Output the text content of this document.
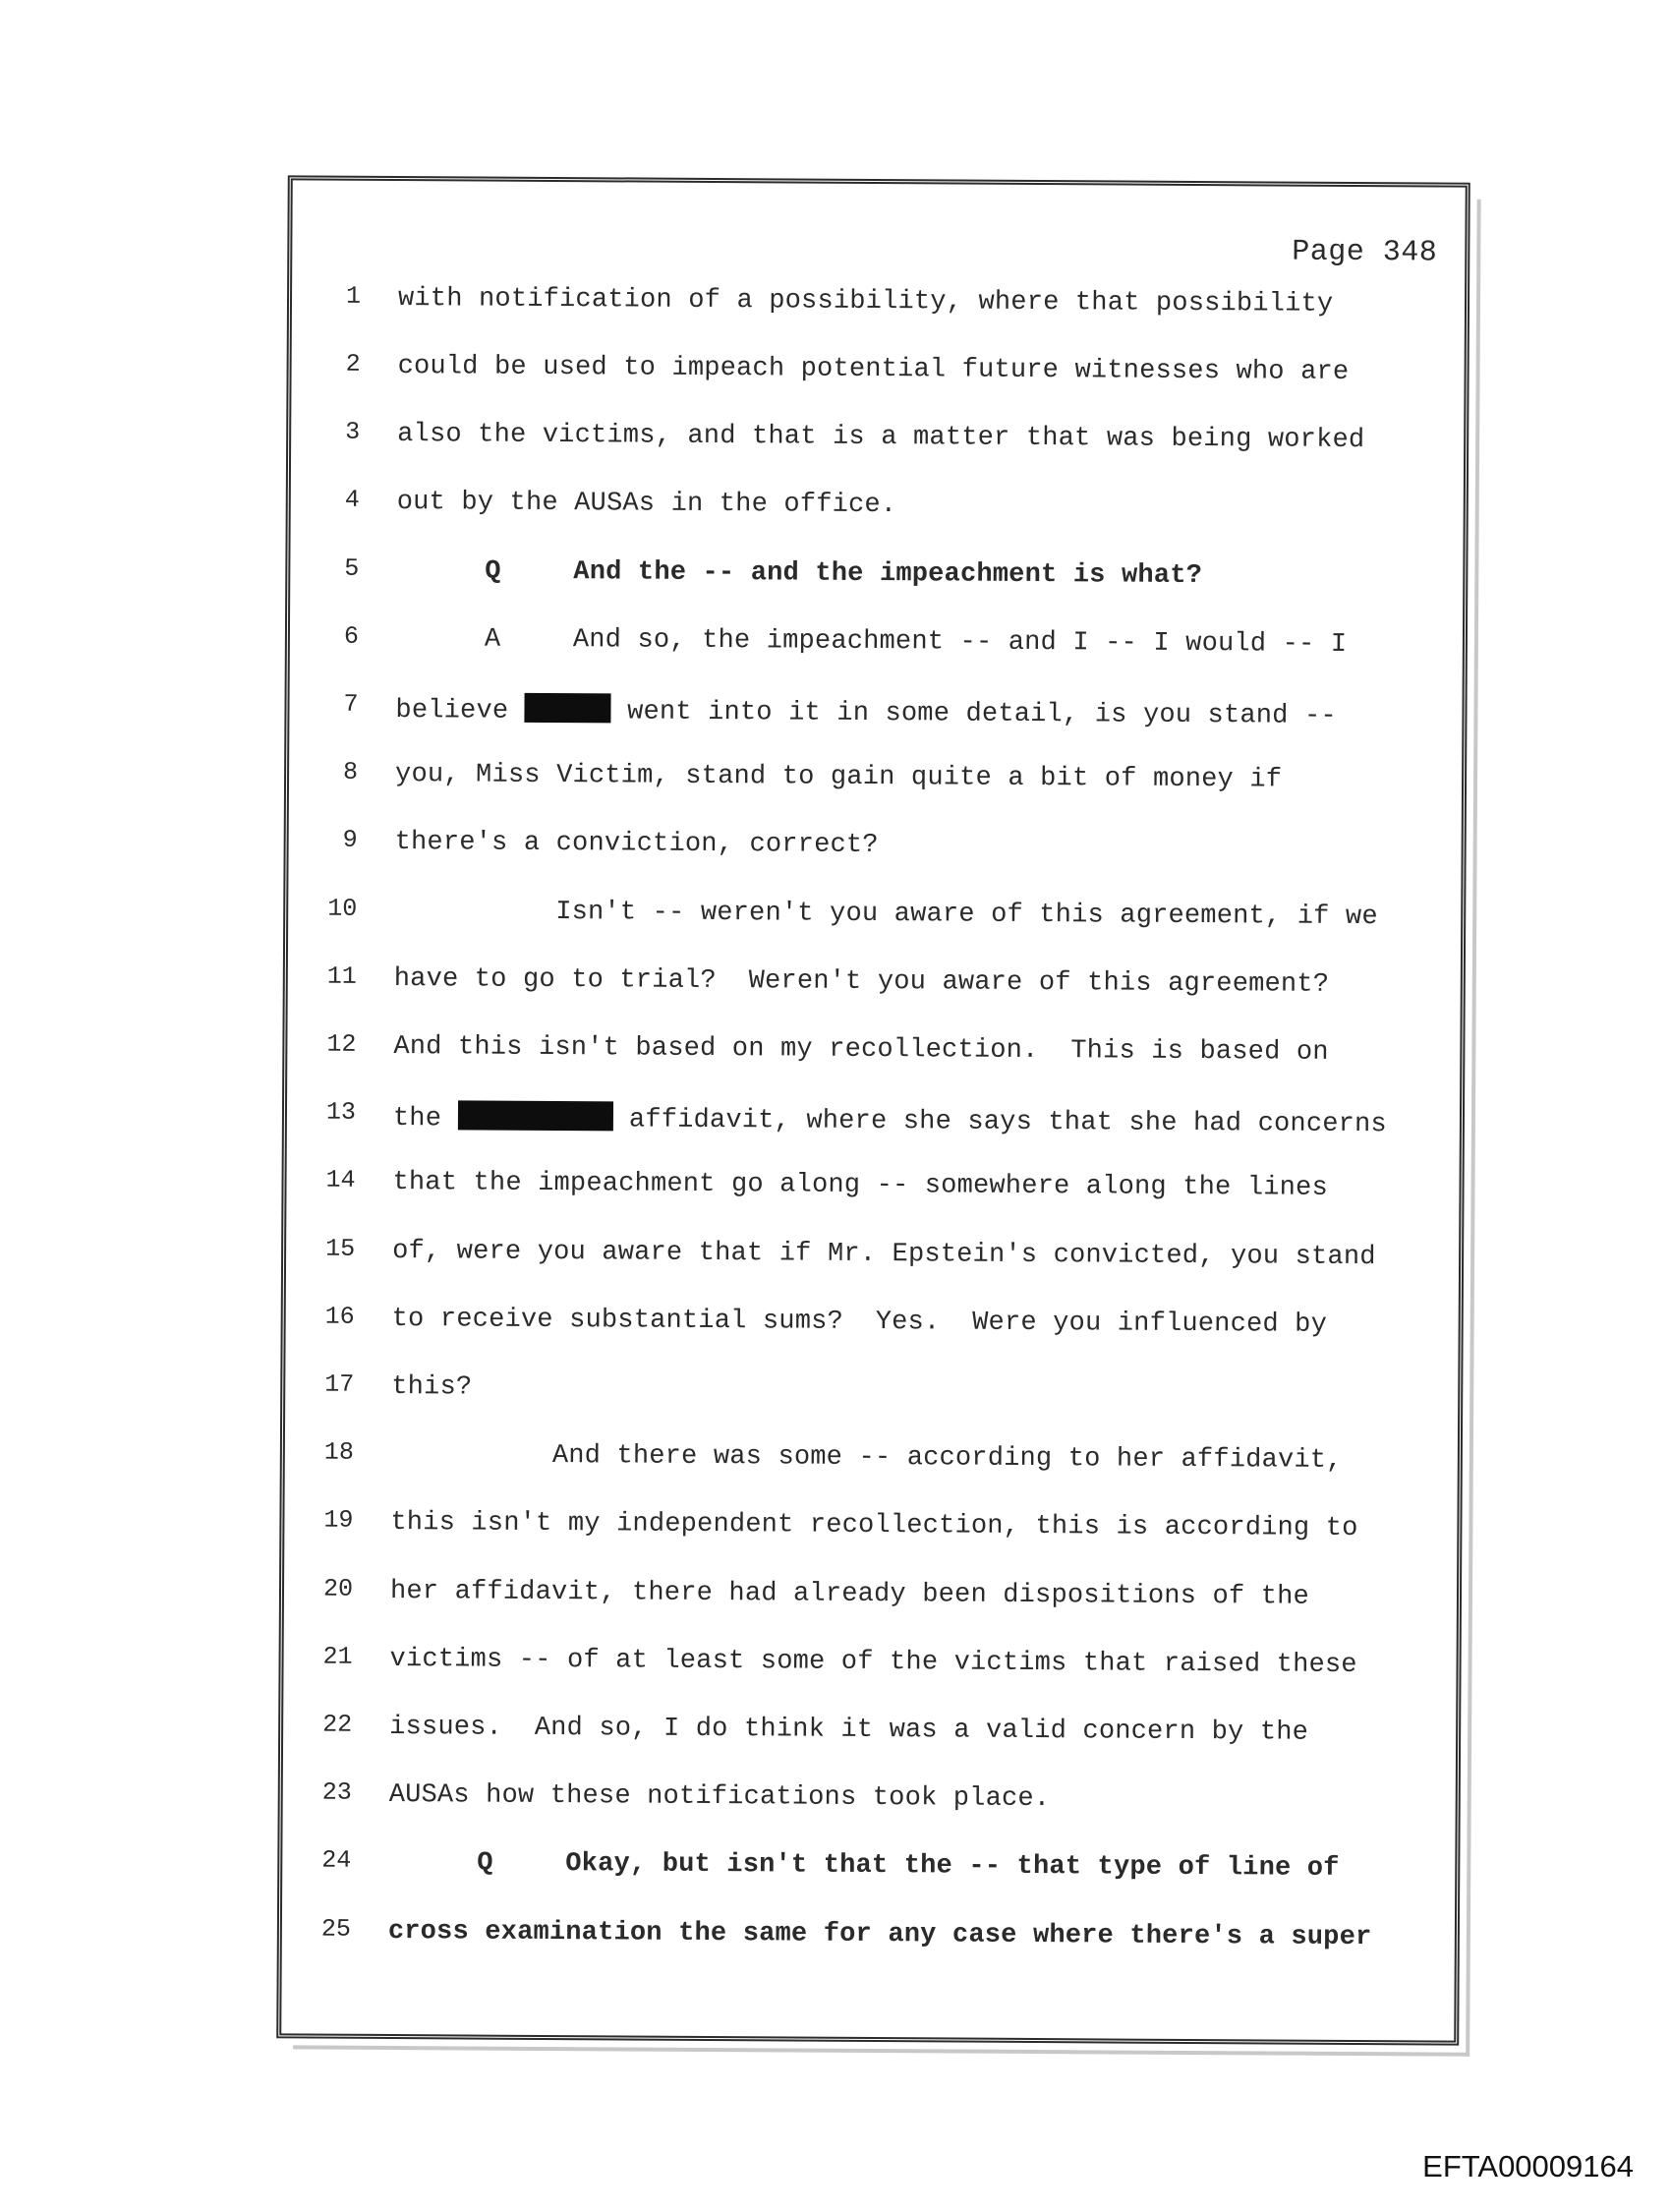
Page 348
1 with notification of a possibility, where that possibility
2 could be used to impeach potential future witnesses who are
3 also the victims, and that is a matter that was being worked
4 out by the AUSAs in the office.
5	Q	And the -- and the impeachment is what?
6	A	And so, the impeachment -- and I -- I would -- I
7 believe	went into it in some detail, is you stand --
8 you, Miss Victim, stand to gain quite a bit of money if
9 there's a conviction, correct?
10 Isn't -- weren't you aware of this agreement, if we
11 have to go to trial?  Weren't you aware of this agreement?
12 And this isn't based on my recollection.  This is based on
13 the	affidavit, where she says that she had concerns
14 that the impeachment go along -- somewhere along the lines
15 of, were you aware that if Mr. Epstein's convicted, you stand
16 to receive substantial sums?  Yes.  Were you influenced by
17 this?
18 And there was some -- according to her affidavit,
19 this isn't my independent recollection, this is according to
20 her affidavit, there had already been dispositions of the
21 victims -- of at least some of the victims that raised these
22 issues.  And so, I do think it was a valid concern by the
23 AUSAs how these notifications took place.
24	Q	Okay, but isn't that the -- that type of line of
25 cross examination the same for any case where there's a super
EFTA00009164
